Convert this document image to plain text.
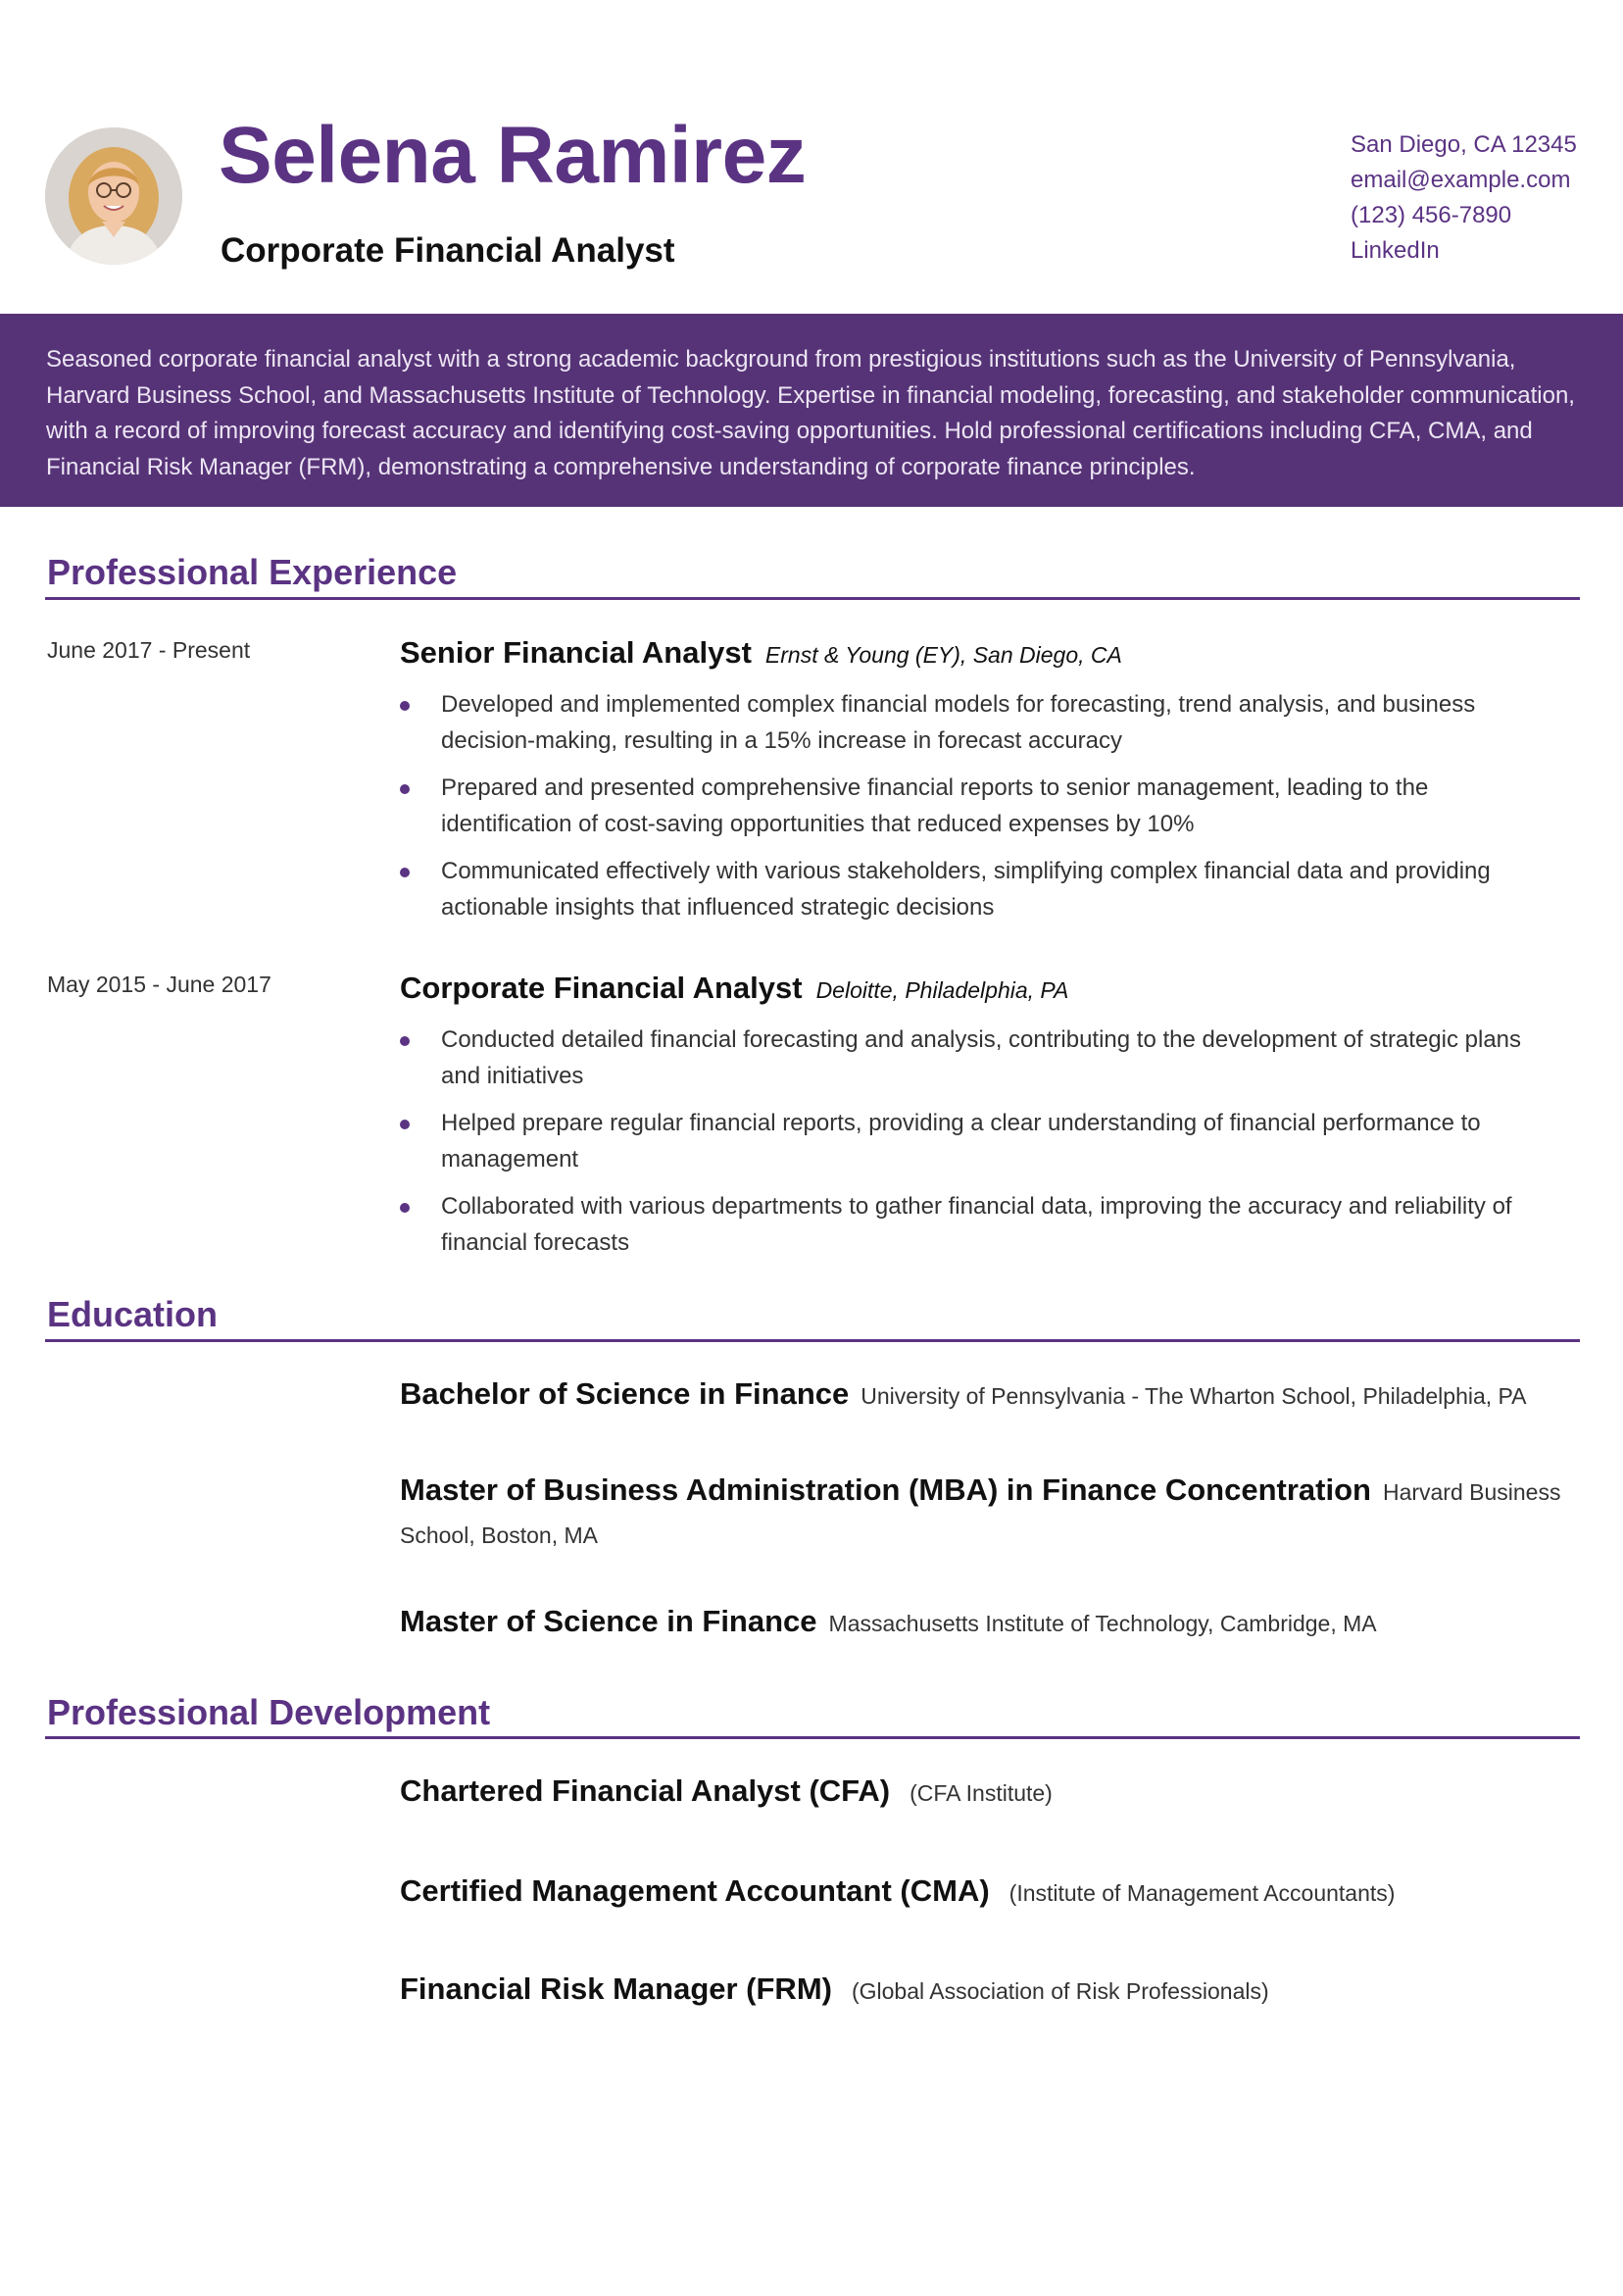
Selena Ramirez
Corporate Financial Analyst
San Diego, CA 12345
email@example.com
(123) 456-7890
LinkedIn
Seasoned corporate financial analyst with a strong academic background from prestigious institutions such as the University of Pennsylvania, Harvard Business School, and Massachusetts Institute of Technology. Expertise in financial modeling, forecasting, and stakeholder communication, with a record of improving forecast accuracy and identifying cost-saving opportunities. Hold professional certifications including CFA, CMA, and Financial Risk Manager (FRM), demonstrating a comprehensive understanding of corporate finance principles.
Professional Experience
June 2017 - Present	Senior Financial Analyst Ernst & Young (EY), San Diego, CA
Developed and implemented complex financial models for forecasting, trend analysis, and business decision-making, resulting in a 15% increase in forecast accuracy
Prepared and presented comprehensive financial reports to senior management, leading to the identification of cost-saving opportunities that reduced expenses by 10%
Communicated effectively with various stakeholders, simplifying complex financial data and providing actionable insights that influenced strategic decisions
May 2015 - June 2017	Corporate Financial Analyst Deloitte, Philadelphia, PA
Conducted detailed financial forecasting and analysis, contributing to the development of strategic plans and initiatives
Helped prepare regular financial reports, providing a clear understanding of financial performance to management
Collaborated with various departments to gather financial data, improving the accuracy and reliability of financial forecasts
Education
Bachelor of Science in Finance University of Pennsylvania - The Wharton School, Philadelphia, PA
Master of Business Administration (MBA) in Finance Concentration Harvard Business School, Boston, MA
Master of Science in Finance Massachusetts Institute of Technology, Cambridge, MA
Professional Development
Chartered Financial Analyst (CFA) (CFA Institute)
Certified Management Accountant (CMA) (Institute of Management Accountants)
Financial Risk Manager (FRM) (Global Association of Risk Professionals)
